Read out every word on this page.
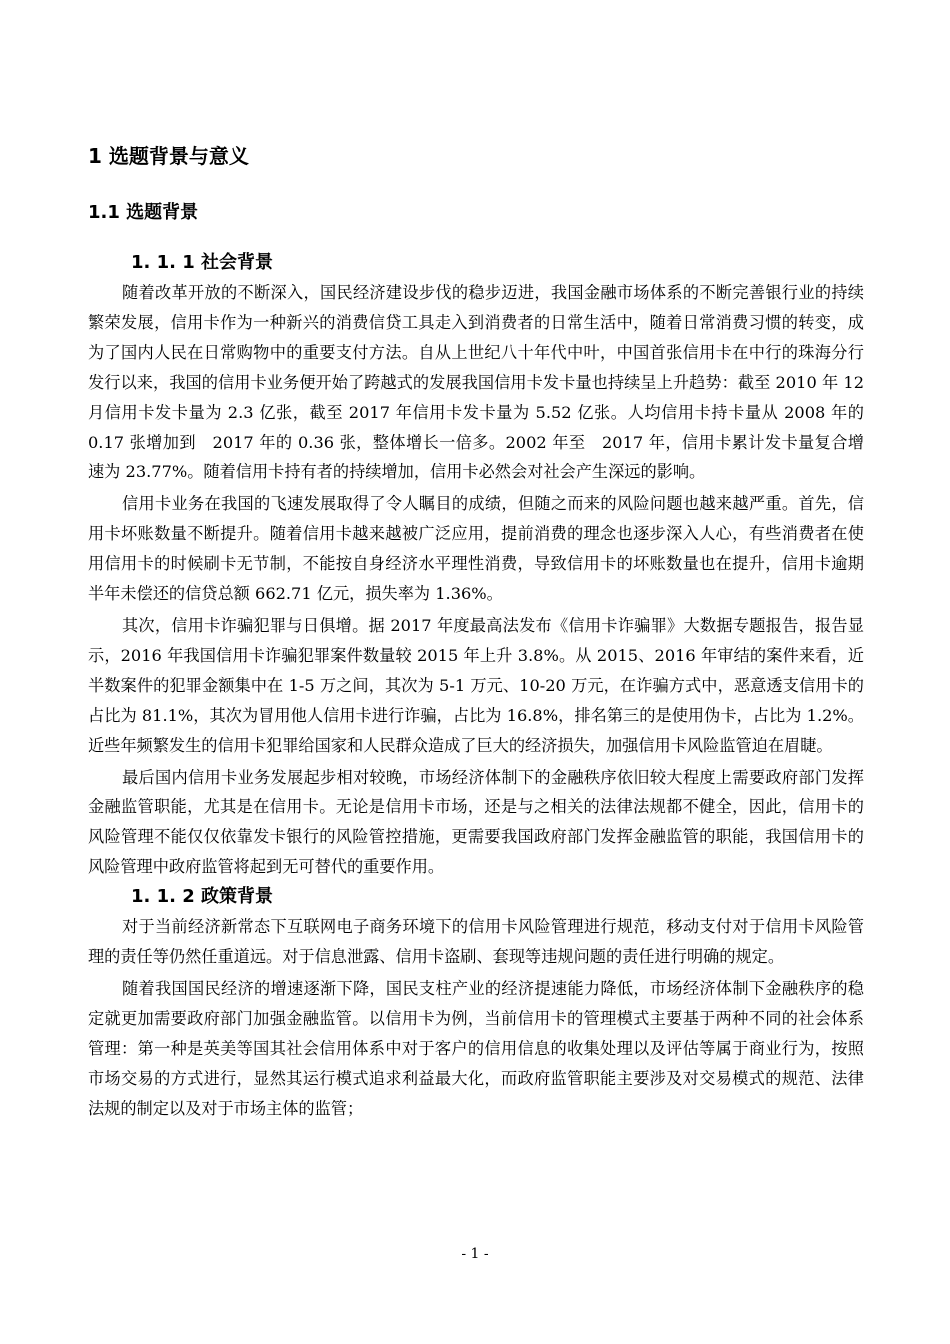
1 选题背景与意义
1.1 选题背景
1. 1. 1 社会背景

随着改革开放的不断深入，国民经济建设步伐的稳步迈进，我国金融市场体系的不断完善银行业的持续繁荣发展，信用卡作为一种新兴的消费信贷工具走入到消费者的日常生活中，随着日常消费习惯的转变，成为了国内人民在日常购物中的重要支付方法。自从上世纪八十年代中叶，中国首张信用卡在中行的珠海分行发行以来，我国的信用卡业务便开始了跨越式的发展我国信用卡发卡量也持续呈上升趋势：截至 2010 年 12 月信用卡发卡量为 2.3 亿张，截至 2017 年信用卡发卡量为 5.52 亿张。人均信用卡持卡量从 2008 年的 0.17 张增加到　2017 年的 0.36 张，整体增长一倍多。2002 年至　2017 年，信用卡累计发卡量复合增速为 23.77%。随着信用卡持有者的持续增加，信用卡必然会对社会产生深远的影响。

信用卡业务在我国的飞速发展取得了令人瞩目的成绩，但随之而来的风险问题也越来越严重。首先，信用卡坏账数量不断提升。随着信用卡越来越被广泛应用，提前消费的理念也逐步深入人心，有些消费者在使用信用卡的时候刷卡无节制，不能按自身经济水平理性消费，导致信用卡的坏账数量也在提升，信用卡逾期半年未偿还的信贷总额 662.71 亿元，损失率为 1.36%。

其次，信用卡诈骗犯罪与日俱增。据 2017 年度最高法发布《信用卡诈骗罪》大数据专题报告，报告显示，2016 年我国信用卡诈骗犯罪案件数量较 2015 年上升 3.8%。从 2015、2016 年审结的案件来看，近半数案件的犯罪金额集中在 1-5 万之间，其次为 5-1 万元、10-20 万元，在诈骗方式中，恶意透支信用卡的占比为 81.1%，其次为冒用他人信用卡进行诈骗，占比为 16.8%，排名第三的是使用伪卡，占比为 1.2%。近些年频繁发生的信用卡犯罪给国家和人民群众造成了巨大的经济损失，加强信用卡风险监管迫在眉睫。

最后国内信用卡业务发展起步相对较晚，市场经济体制下的金融秩序依旧较大程度上需要政府部门发挥金融监管职能，尤其是在信用卡。无论是信用卡市场，还是与之相关的法律法规都不健全，因此，信用卡的风险管理不能仅仅依靠发卡银行的风险管控措施，更需要我国政府部门发挥金融监管的职能，我国信用卡的风险管理中政府监管将起到无可替代的重要作用。

1. 1. 2 政策背景

对于当前经济新常态下互联网电子商务环境下的信用卡风险管理进行规范，移动支付对于信用卡风险管理的责任等仍然任重道远。对于信息泄露、信用卡盗刷、套现等违规问题的责任进行明确的规定。

随着我国国民经济的增速逐渐下降，国民支柱产业的经济提速能力降低，市场经济体制下金融秩序的稳定就更加需要政府部门加强金融监管。以信用卡为例，当前信用卡的管理模式主要基于两种不同的社会体系管理：第一种是英美等国其社会信用体系中对于客户的信用信息的收集处理以及评估等属于商业行为，按照市场交易的方式进行，显然其运行模式追求利益最大化，而政府监管职能主要涉及对交易模式的规范、法律法规的制定以及对于市场主体的监管；

- 1 -
